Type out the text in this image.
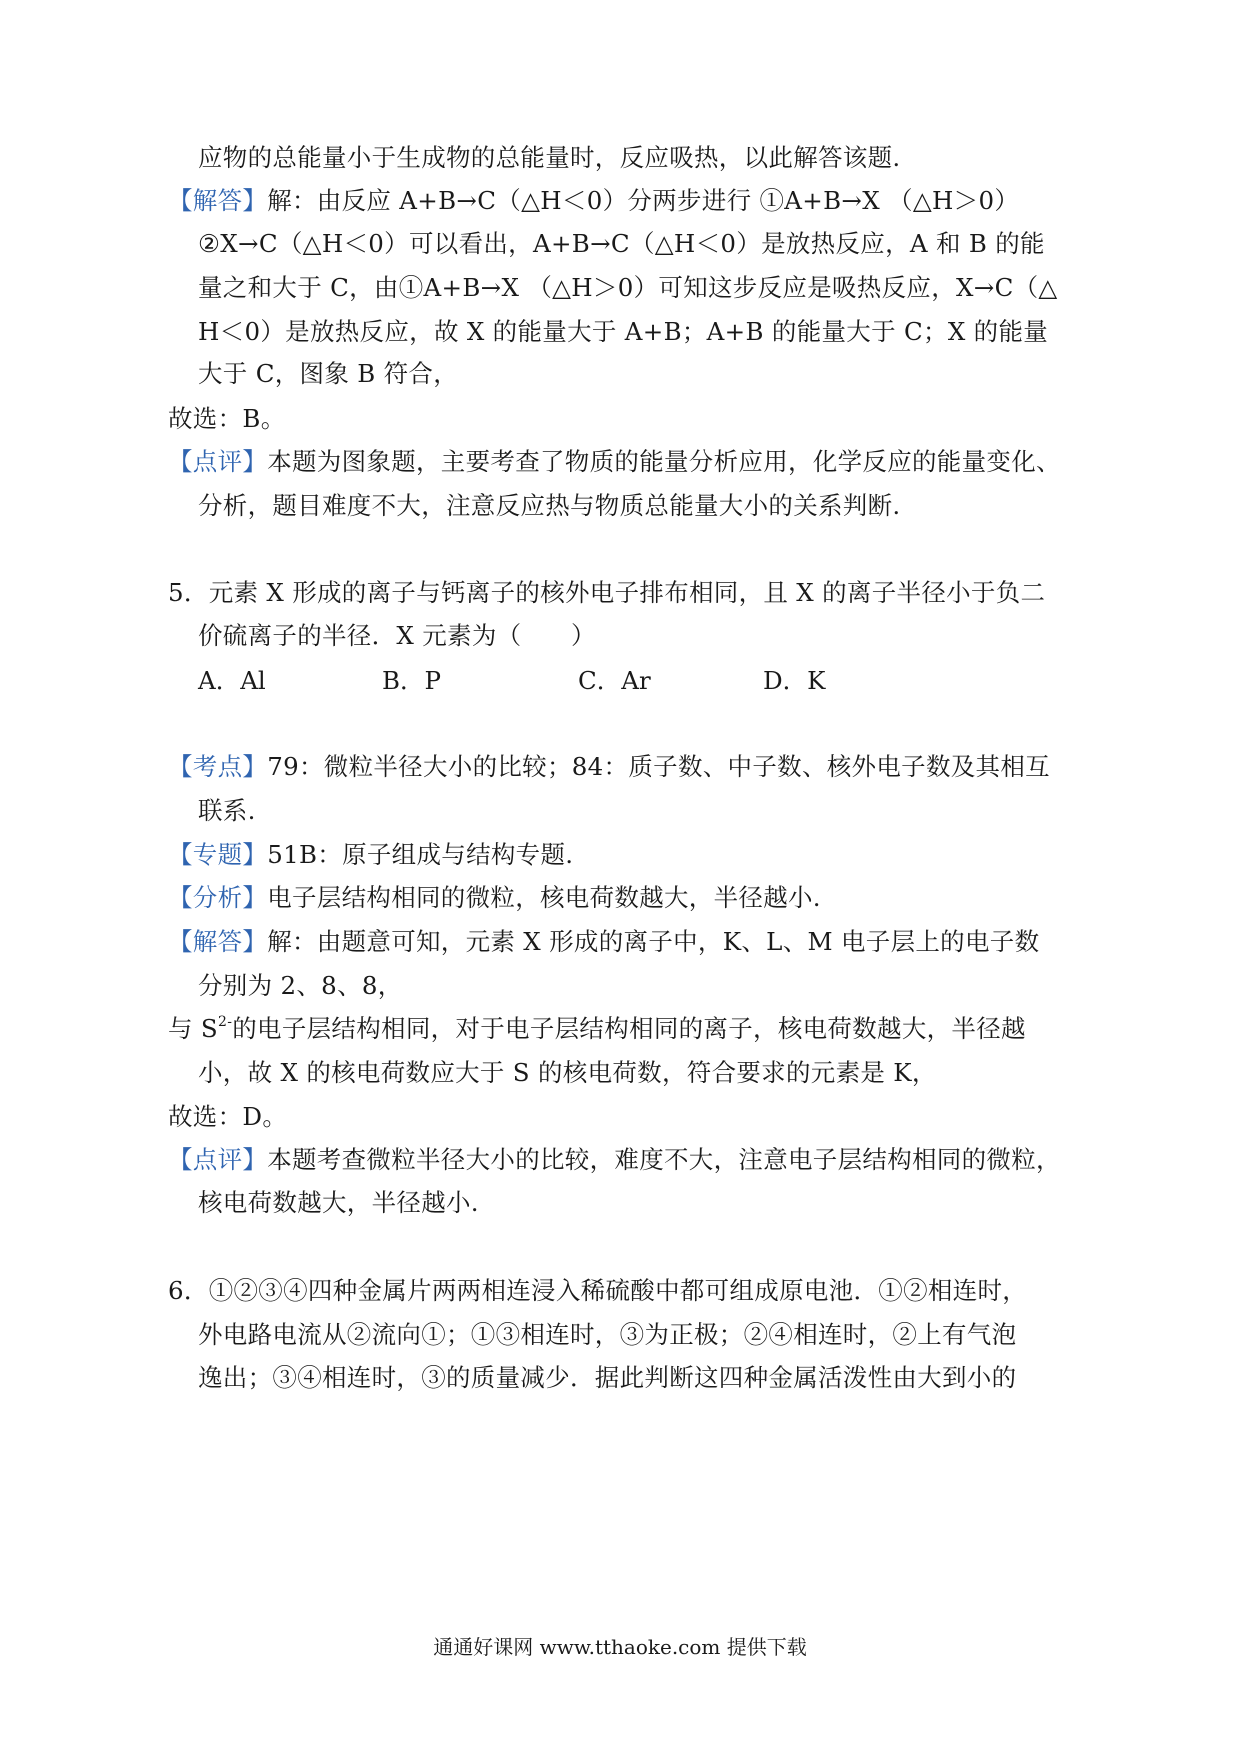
应物的总能量小于生成物的总能量时，反应吸热，以此解答该题.
【解答】解：由反应 A+B→C（△H＜0）分两步进行 ①A+B→X （△H＞0）
②X→C（△H＜0）可以看出，A+B→C（△H＜0）是放热反应，A 和 B 的能
量之和大于 C，由①A+B→X （△H＞0）可知这步反应是吸热反应，X→C（△
H＜0）是放热反应，故 X 的能量大于 A+B；A+B 的能量大于 C；X 的能量
大于 C，图象 B 符合，
故选：B。
【点评】本题为图象题，主要考查了物质的能量分析应用，化学反应的能量变化、
分析，题目难度不大，注意反应热与物质总能量大小的关系判断.
5．元素 X 形成的离子与钙离子的核外电子排布相同，且 X 的离子半径小于负二
价硫离子的半径．X 元素为（　　）
A．Al	B．P	C．Ar	D．K
【考点】79：微粒半径大小的比较；84：质子数、中子数、核外电子数及其相互
联系.
【专题】51B：原子组成与结构专题.
【分析】电子层结构相同的微粒，核电荷数越大，半径越小.
【解答】解：由题意可知，元素 X 形成的离子中，K、L、M 电子层上的电子数
分别为 2、8、8，
与 $S^{2-}$的电子层结构相同，对于电子层结构相同的离子，核电荷数越大，半径越
小，故 X 的核电荷数应大于 S 的核电荷数，符合要求的元素是 K，
故选：D。
【点评】本题考查微粒半径大小的比较，难度不大，注意电子层结构相同的微粒，
核电荷数越大，半径越小.
6．①②③④四种金属片两两相连浸入稀硫酸中都可组成原电池．①②相连时，
外电路电流从②流向①；①③相连时，③为正极；②④相连时，②上有气泡
逸出；③④相连时，③的质量减少．据此判断这四种金属活泼性由大到小的
通通好课网 www.tthaoke.com 提供下载
